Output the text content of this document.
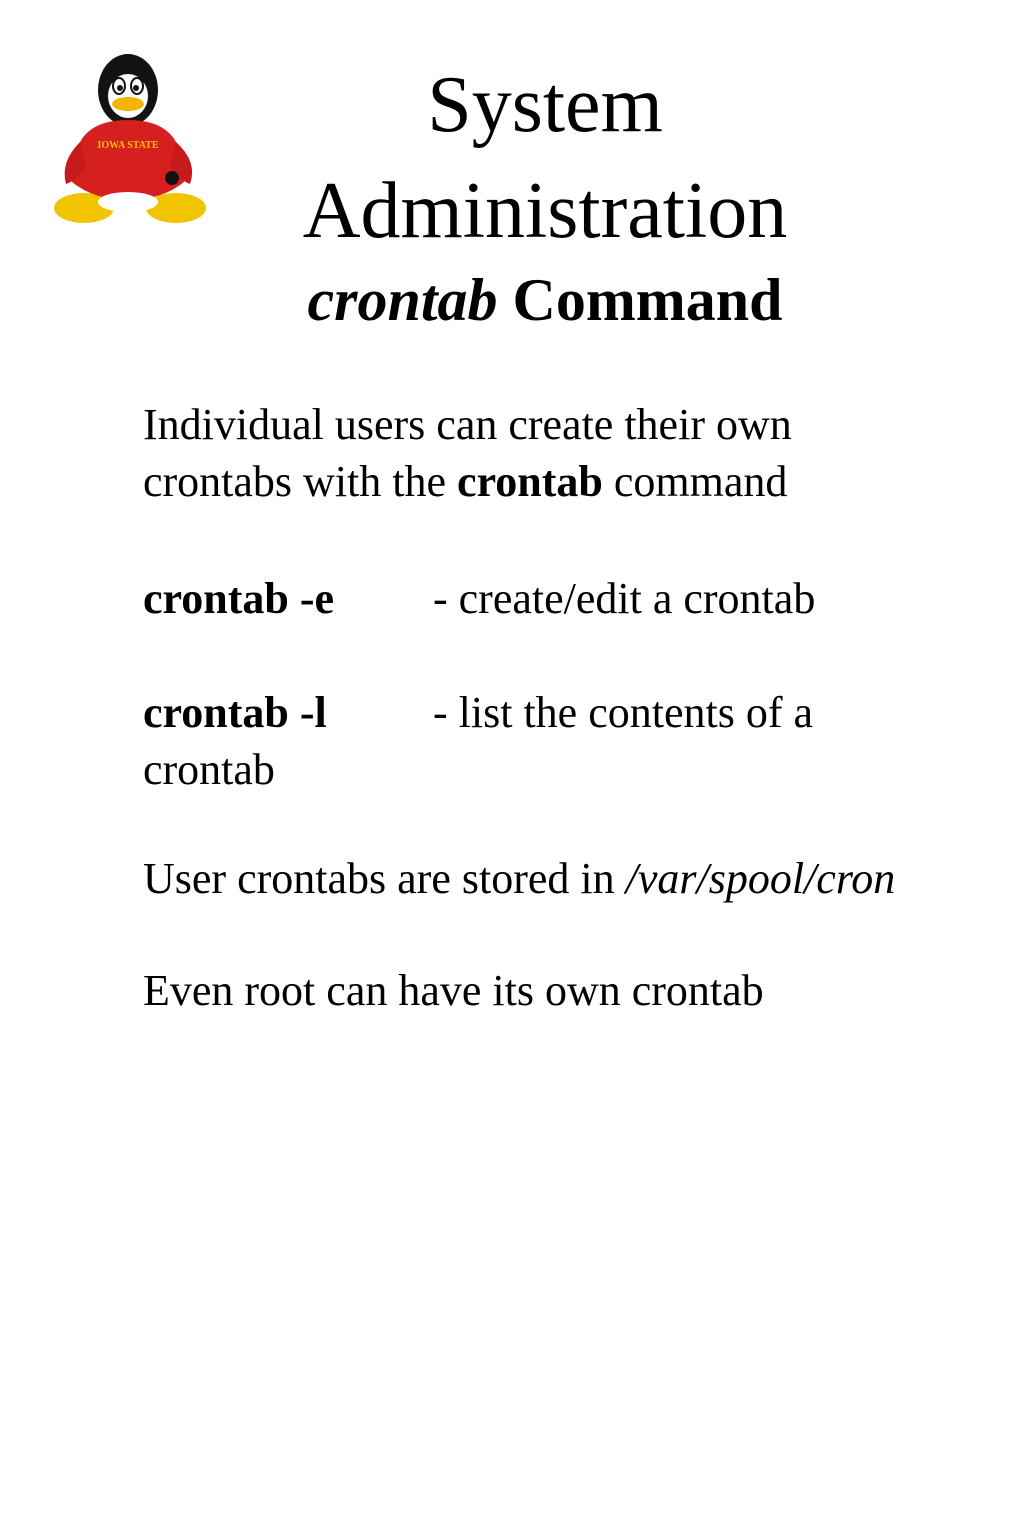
IOWA STATE	System
Administration
crontab Command
Individual users can create their own
crontabs with the crontab command
crontab -e - create/edit a crontab
crontab -l - list the contents of a
crontab
User crontabs are stored in /var/spool/cron
Even root can have its own crontab
